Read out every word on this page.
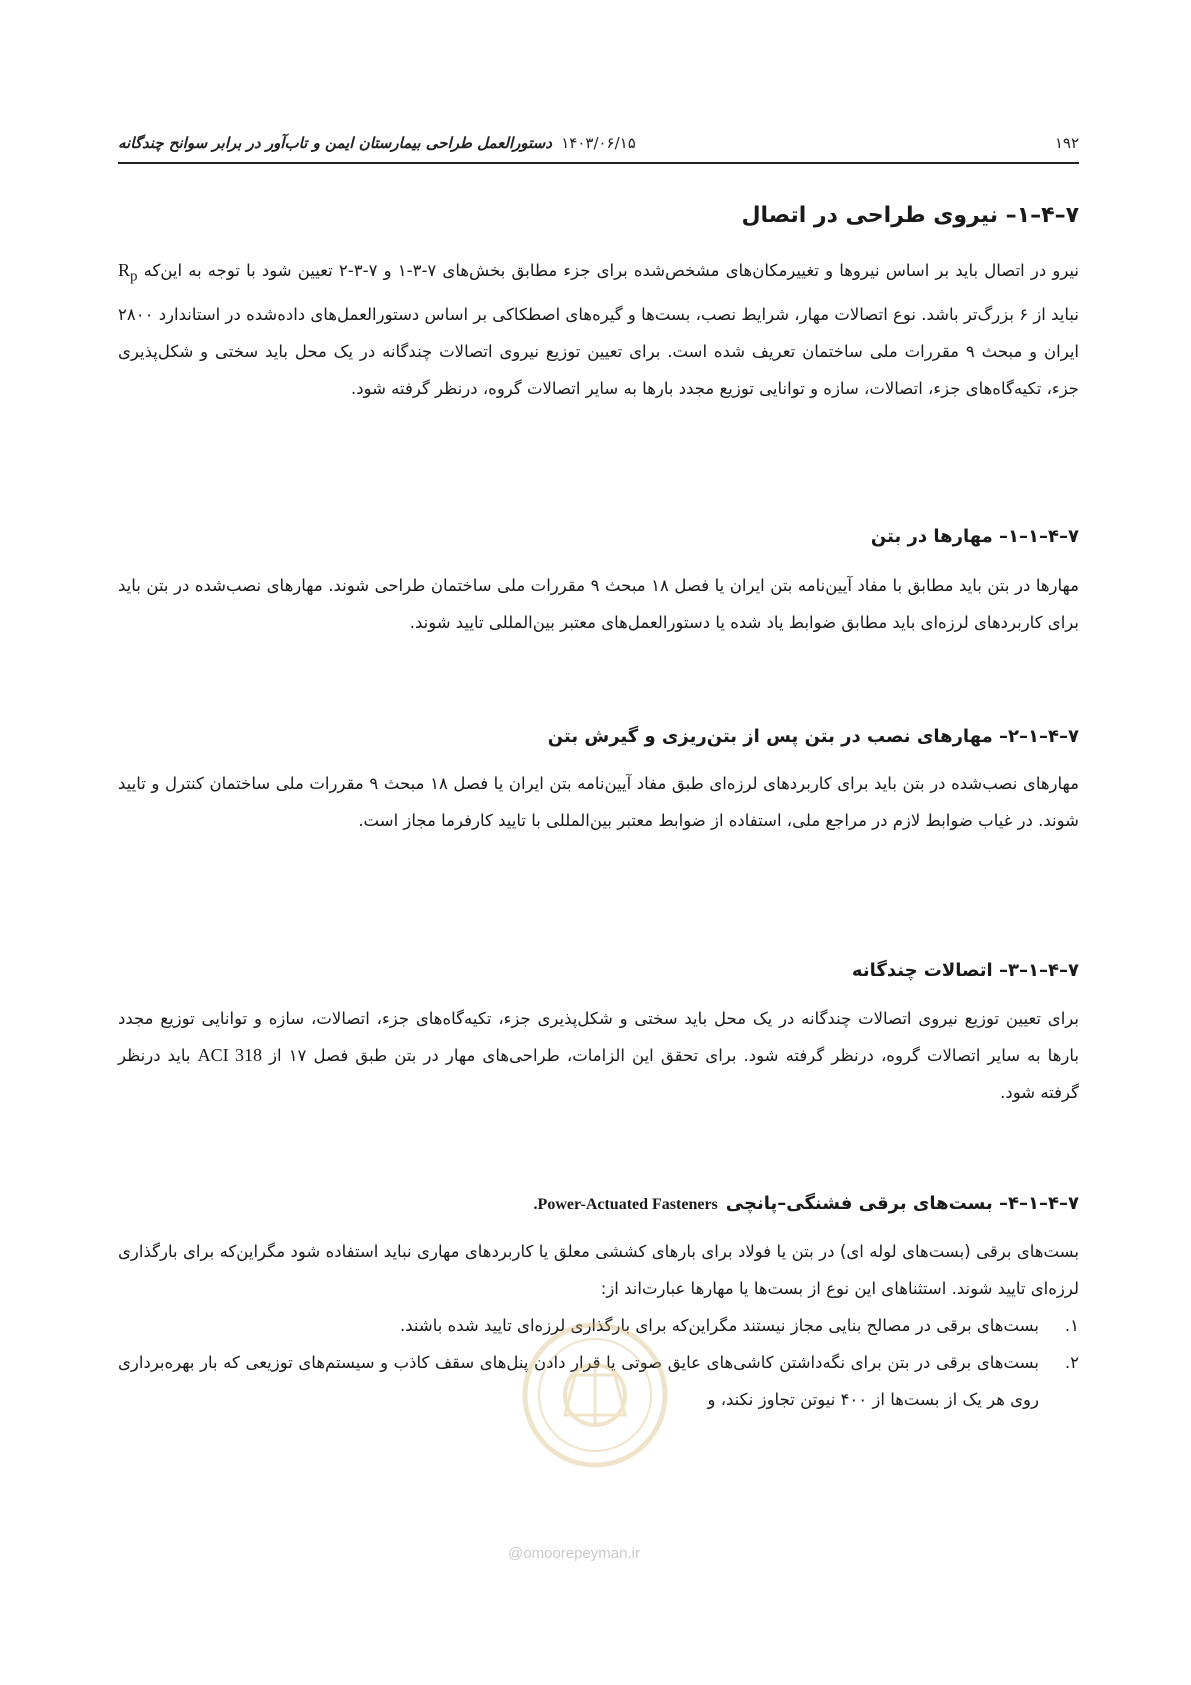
۱۹۲
۱۴۰۳/۰۶/۱۵
دستورالعمل طراحی بیمارستان ایمن و تاب‌آور در برابر سوانح چندگانه
۷–۴–۱– نیروی طراحی در اتصال

نیرو در اتصال باید بر اساس نیروها و تغییرمکان‌های مشخص‌شده برای جزء مطابق بخش‌های ۷-۳-۱ و ۷-۳-۲ تعیین شود با توجه به این‌که $R_p$ نباید از ۶ بزرگ‌تر باشد. نوع اتصالات مهار، شرایط نصب، بست‌ها و گیره‌های اصطکاکی بر اساس دستورالعمل‌های داده‌شده در استاندارد ۲۸۰۰ ایران و مبحث ۹ مقررات ملی ساختمان تعریف شده است. برای تعیین توزیع نیروی اتصالات چندگانه در یک محل باید سختی و شکل‌پذیری جزء، تکیه‌گاه‌های جزء، اتصالات، سازه و توانایی توزیع مجدد بارها به سایر اتصالات گروه، درنظر گرفته شود.

۷–۴–۱–۱– مهارها در بتن

مهارها در بتن باید مطابق با مفاد آیین‌نامه بتن ایران یا فصل ۱۸ مبحث ۹ مقررات ملی ساختمان طراحی شوند. مهارهای نصب‌شده در بتن باید برای کاربردهای لرزه‌ای باید مطابق ضوابط یاد شده یا دستورالعمل‌های معتبر بین‌المللی تایید شوند.

۷–۴–۱–۲– مهارهای نصب در بتن پس از بتن‌ریزی و گیرش بتن

مهارهای نصب‌شده در بتن باید برای کاربردهای لرزه‌ای طبق مفاد آیین‌نامه بتن ایران یا فصل ۱۸ مبحث ۹ مقررات ملی ساختمان کنترل و تایید شوند. در غیاب ضوابط لازم در مراجع ملی، استفاده از ضوابط معتبر بین‌المللی با تایید کارفرما مجاز است.

۷–۴–۱–۳– اتصالات چندگانه

برای تعیین توزیع نیروی اتصالات چندگانه در یک محل باید سختی و شکل‌پذیری جزء، تکیه‌گاه‌های جزء، اتصالات، سازه و توانایی توزیع مجدد بارها به سایر اتصالات گروه، درنظر گرفته شود. برای تحقق این الزامات، طراحی‌های مهار در بتن طبق فصل ۱۷ از ACI 318 باید درنظر گرفته شود.

۷–۴–۱–۴– بست‌های برقی فشنگی–پانچیPower-Actuated Fasteners.

بست‌های برقی (بست‌های لوله ای) در بتن یا فولاد برای بارهای کششی معلق یا کاربردهای مهاری نباید استفاده شود مگراین‌که برای بارگذاری لرزه‌ای تایید شوند. استثناهای این نوع از بست‌ها یا مهارها عبارت‌اند از:

۱.
بست‌های برقی در مصالح بنایی مجاز نیستند مگراین‌که برای بارگذاری لرزه‌ای تایید شده باشند.
۲.
بست‌های برقی در بتن برای نگه‌داشتن کاشی‌های عایق صوتی یا قرار دادن پنل‌های سقف کاذب و سیستم‌های توزیعی که بار بهره‌برداری روی هر یک از بست‌ها از ۴۰۰ نیوتن تجاوز نکند، و
@omoorepeyman.ir
